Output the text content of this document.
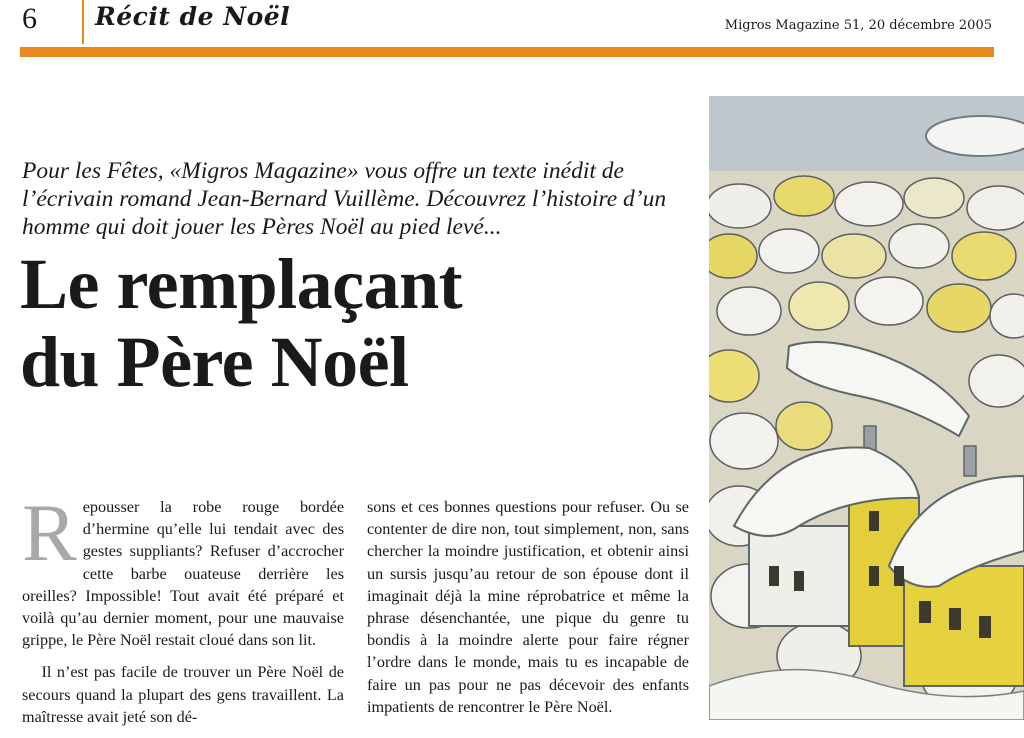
6 Récit de Noël	Migros Magazine 51, 20 décembre 2005
Pour les Fêtes, «Migros Magazine» vous offre un texte inédit de l’écrivain romand Jean-Bernard Vuillème. Découvrez l’histoire d’un homme qui doit jouer les Pères Noël au pied levé...
Le remplaçant
du Père Noël

Repousser la robe rouge bordée d’hermine qu’elle lui tendait avec des gestes suppliants? Refuser d’accrocher cette barbe ouateuse derrière les oreilles? Impossible! Tout avait été préparé et voilà qu’au dernier moment, pour une mauvaise grippe, le Père Noël restait cloué dans son lit.

Il n’est pas facile de trouver un Père Noël de secours quand la plupart des gens travaillent. La maîtresse avait jeté son dé-

sons et ces bonnes questions pour refuser. Ou se contenter de dire non, tout simplement, non, sans chercher la moindre justification, et obtenir ainsi un sursis jusqu’au retour de son épouse dont il imaginait déjà la mine réprobatrice et même la phrase désenchantée, une pique du genre tu bondis à la moindre alerte pour faire régner l’ordre dans le monde, mais tu es incapable de faire un pas pour ne pas décevoir des enfants impatients de rencontrer le Père Noël.
